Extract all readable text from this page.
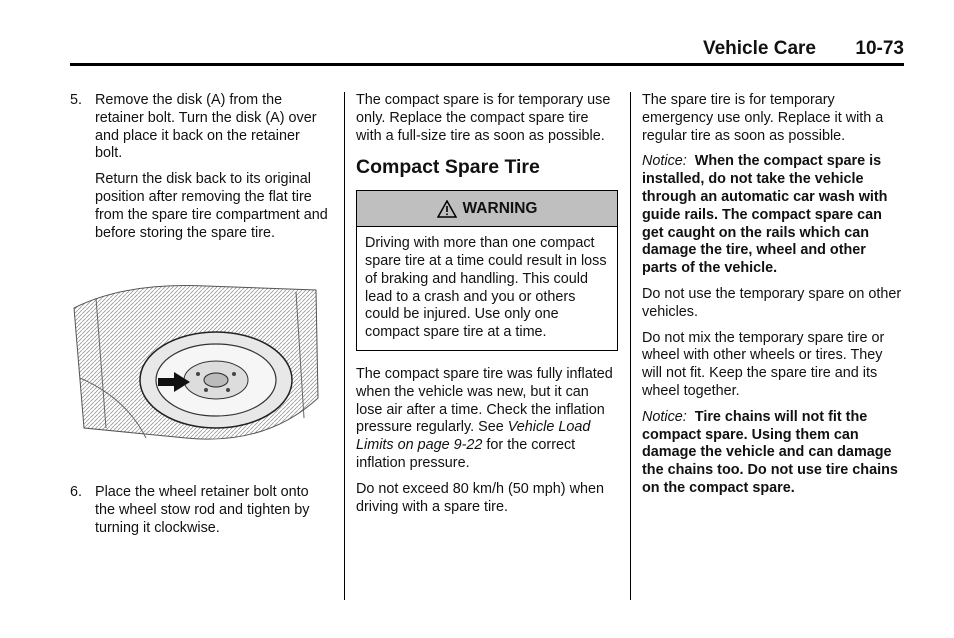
Vehicle Care 10-73
5. Remove the disk (A) from the retainer bolt. Turn the disk (A) over and place it back on the retainer bolt.

Return the disk back to its original position after removing the flat tire from the spare tire compartment and before storing the spare tire.

6. Place the wheel retainer bolt onto the wheel stow rod and tighten by turning it clockwise.

The compact spare is for temporary use only. Replace the compact spare tire with a full-size tire as soon as possible.

Compact Spare Tire
WARNING
Driving with more than one compact spare tire at a time could result in loss of braking and handling. This could lead to a crash and you or others could be injured. Use only one compact spare tire at a time.

The compact spare tire was fully inflated when the vehicle was new, but it can lose air after a time. Check the inflation pressure regularly. See Vehicle Load Limits on page 9-22 for the correct inflation pressure.

Do not exceed 80 km/h (50 mph) when driving with a spare tire.

The spare tire is for temporary emergency use only. Replace it with a regular tire as soon as possible.

Notice: When the compact spare is installed, do not take the vehicle through an automatic car wash with guide rails. The compact spare can get caught on the rails which can damage the tire, wheel and other parts of the vehicle.

Do not use the temporary spare on other vehicles.

Do not mix the temporary spare tire or wheel with other wheels or tires. They will not fit. Keep the spare tire and its wheel together.

Notice: Tire chains will not fit the compact spare. Using them can damage the vehicle and can damage the chains too. Do not use tire chains on the compact spare.
